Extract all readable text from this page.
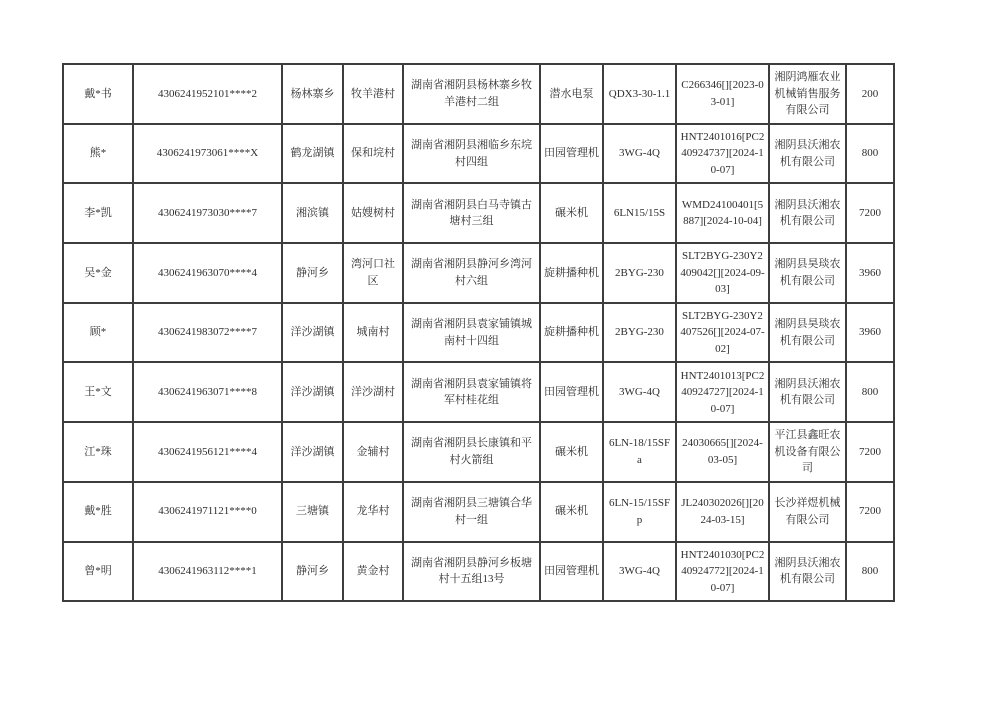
戴*书	4306241952101****2	杨林寨乡	牧羊港村	湖南省湘阴县杨林寨乡牧羊港村二组	潜水电泵	QDX3-30-1.1	C266346[][2023-03-01]	湘阴鸿雁农业机械销售服务有限公司	200
熊*	4306241973061****X	鹤龙湖镇	保和垸村	湖南省湘阴县湘临乡东垸村四组	田园管理机	3WG-4Q	HNT2401016[PC240924737][2024-10-07]	湘阴县沃湘农机有限公司	800
李*凯	4306241973030****7	湘滨镇	姑嫂树村	湖南省湘阴县白马寺镇古塘村三组	碾米机	6LN15/15S	WMD24100401[5887][2024-10-04]	湘阴县沃湘农机有限公司	7200
吴*金	4306241963070****4	静河乡	湾河口社区	湖南省湘阴县静河乡湾河村六组	旋耕播种机	2BYG-230	SLT2BYG-230Y2409042[][2024-09-03]	湘阴县昊琰农机有限公司	3960
顾*	4306241983072****7	洋沙湖镇	城南村	湖南省湘阴县袁家铺镇城南村十四组	旋耕播种机	2BYG-230	SLT2BYG-230Y2407526[][2024-07-02]	湘阴县昊琰农机有限公司	3960
王*文	4306241963071****8	洋沙湖镇	洋沙湖村	湖南省湘阴县袁家铺镇将军村桂花组	田园管理机	3WG-4Q	HNT2401013[PC240924727][2024-10-07]	湘阴县沃湘农机有限公司	800
江*珠	4306241956121****4	洋沙湖镇	金辅村	湖南省湘阴县长康镇和平村火箭组	碾米机	6LN-18/15SFa	24030665[][2024-03-05]	平江县鑫旺农机设备有限公司	7200
戴*胜	4306241971121****0	三塘镇	龙华村	湖南省湘阴县三塘镇合华村一组	碾米机	6LN-15/15SFp	JL240302026[][2024-03-15]	长沙祥煜机械有限公司	7200
曾*明	4306241963112****1	静河乡	黄金村	湖南省湘阴县静河乡板塘村十五组13号	田园管理机	3WG-4Q	HNT2401030[PC240924772][2024-10-07]	湘阴县沃湘农机有限公司	800
